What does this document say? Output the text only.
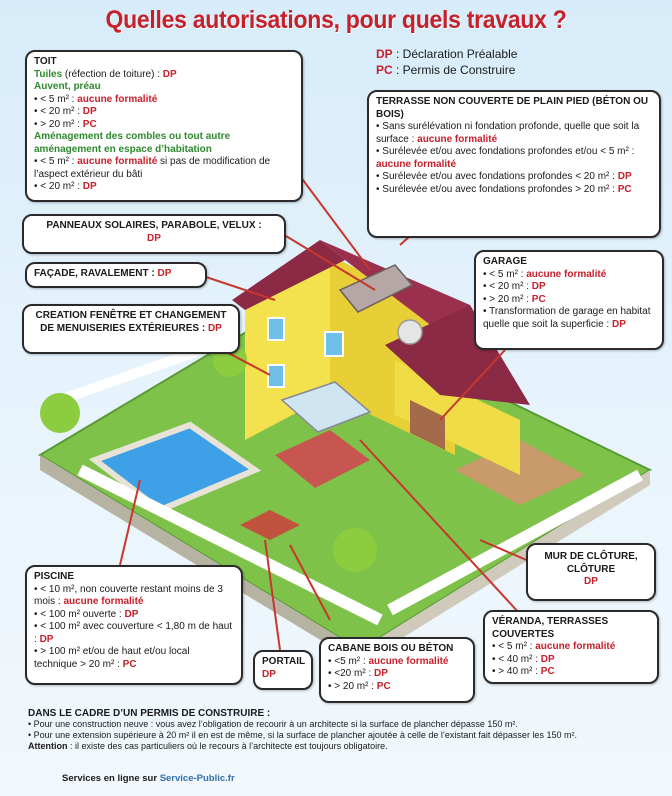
Quelles autorisations, pour quels travaux ?
DP : Déclaration Préalable
PC : Permis de Construire
TOIT
Tuiles (réfection de toiture) : DP
Auvent, préau
• < 5 m² : aucune formalité
• < 20 m² : DP
• > 20 m² : PC
Aménagement des combles ou tout autre aménagement en espace d’habitation
• < 5 m² : aucune formalité si pas de modification de l’aspect extérieur du bâti
• < 20 m² : DP
TERRASSE NON COUVERTE DE PLAIN PIED (BÉTON OU BOIS)
• Sans surélévation ni fondation profonde, quelle que soit la surface : aucune formalité
• Surélevée et/ou avec fondations profondes et/ou < 5 m² : aucune formalité
• Surélevée et/ou avec fondations profondes < 20 m² : DP
• Surélevée et/ou avec fondations profondes > 20 m² : PC
PANNEAUX SOLAIRES, PARABOLE, VELUX :
DP
FAÇADE, RAVALEMENT : DP
CREATION FENÊTRE ET CHANGEMENT DE MENUISERIES EXTÉRIEURES : DP
GARAGE
• < 5 m² : aucune formalité
• < 20 m² : DP
• > 20 m² : PC
• Transformation de garage en habitat quelle que soit la superficie : DP
MUR DE CLÔTURE, CLÔTURE
DP
PISCINE
• < 10 m², non couverte restant moins de 3 mois : aucune formalité
• < 100 m² ouverte : DP
• < 100 m² avec couverture < 1,80 m de haut : DP
• > 100 m² et/ou de haut et/ou local technique > 20 m² : PC	PORTAIL
DP
CABANE BOIS OU BÉTON
• <5 m² : aucune formalité
• <20 m² : DP
• > 20 m² : PC
VÉRANDA, TERRASSES COUVERTES
• < 5 m² : aucune formalité
• < 40 m² : DP
• > 40 m² : PC
DANS LE CADRE D’UN PERMIS DE CONSTRUIRE :
• Pour une construction neuve : vous avez l’obligation de recourir à un architecte si la surface de plancher dépasse 150 m².
• Pour une extension supérieure à 20 m² il en est de même, si la surface de plancher ajoutée à celle de l’existant fait dépasser les 150 m².
Attention : il existe des cas particuliers où le recours à l’architecte est toujours obligatoire.
Services en ligne sur Service-Public.fr
